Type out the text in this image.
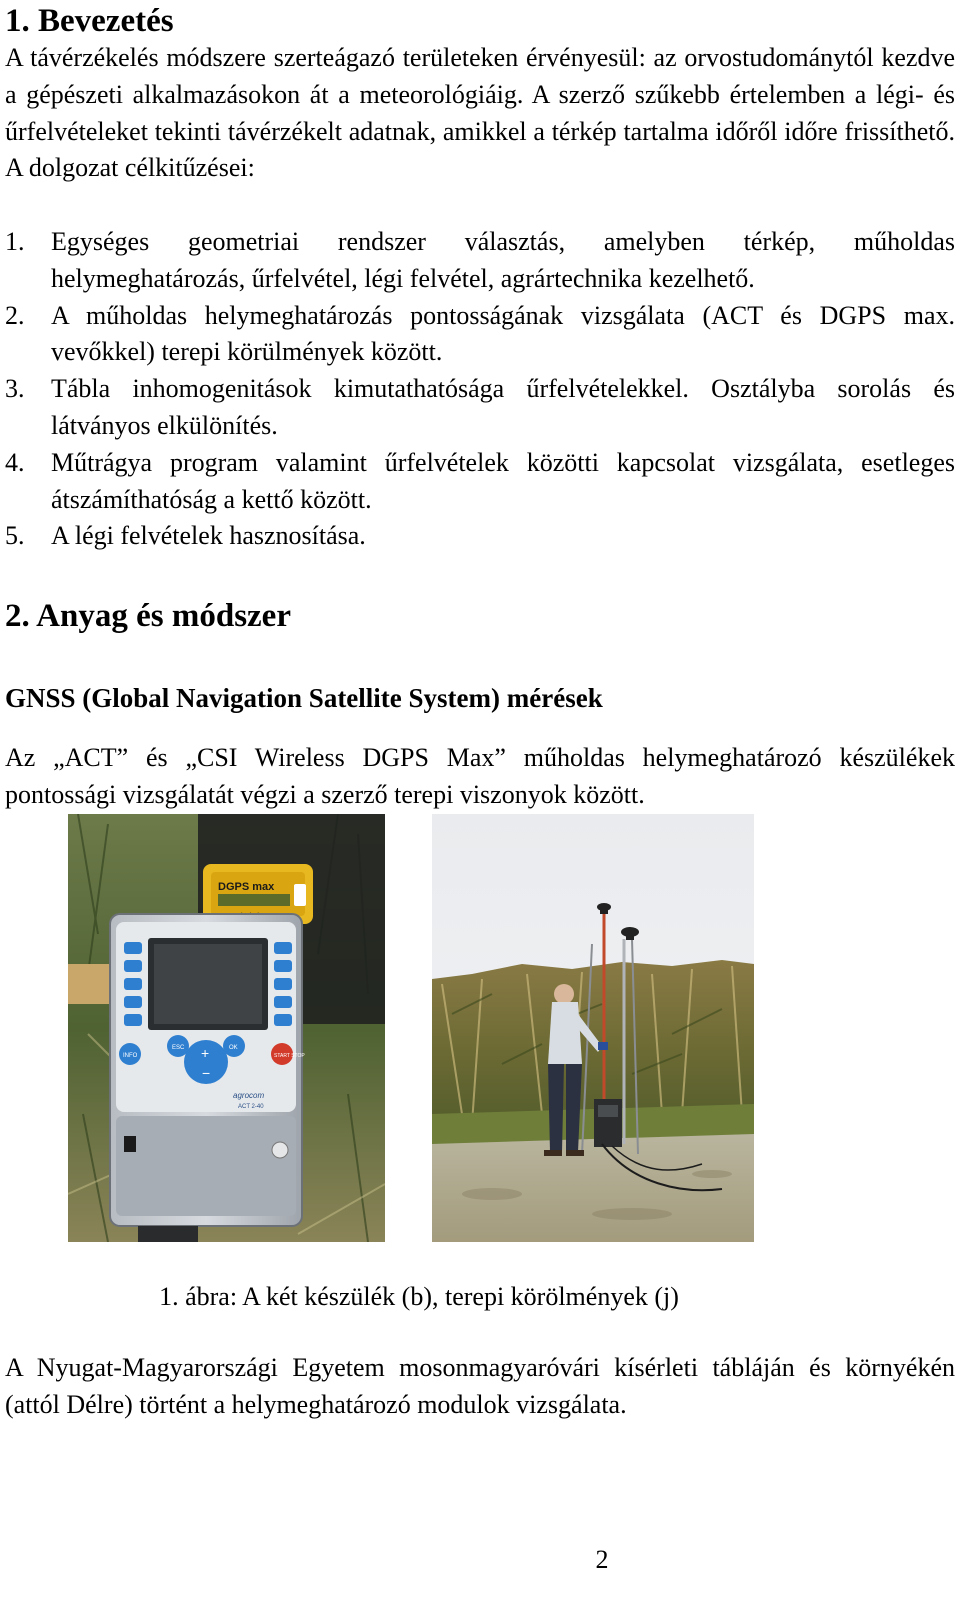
1. Bevezetés

A távérzékelés módszere szerteágazó területeken érvényesül: az orvostudománytól kezdve a gépészeti alkalmazásokon át a meteorológiáig. A szerző szűkebb értelemben a légi- és űrfelvételeket tekinti távérzékelt adatnak, amikkel a térkép tartalma időről időre frissíthető. A dolgozat célkitűzései:

1. Egységes geometriai rendszer választás, amelyben térkép, műholdas helymeghatározás, űrfelvétel, légi felvétel, agrártechnika kezelhető.
2. A műholdas helymeghatározás pontosságának vizsgálata (ACT és DGPS max. vevőkkel) terepi körülmények között.
3. Tábla inhomogenitások kimutathatósága űrfelvételekkel. Osztályba sorolás és látványos elkülönítés.
4. Műtrágya program valamint űrfelvételek közötti kapcsolat vizsgálata, esetleges átszámíthatóság a kettő között.
5. A légi felvételek hasznosítása.
2. Anyag és módszer
GNSS (Global Navigation Satellite System) mérések

Az „ACT” és „CSI Wireless DGPS Max” műholdas helymeghatározó készülékek pontossági vizsgálatát végzi a szerző terepi viszonyok között.

DGPS max
INFO
ESC	OK
+
−
START STOP
agrocom
ACT 2-40
1. ábra: A két készülék (b), terepi körölmények (j)

A Nyugat-Magyarországi Egyetem mosonmagyaróvári kísérleti tábláján és környékén (attól Délre) történt a helymeghatározó modulok vizsgálata.

2
